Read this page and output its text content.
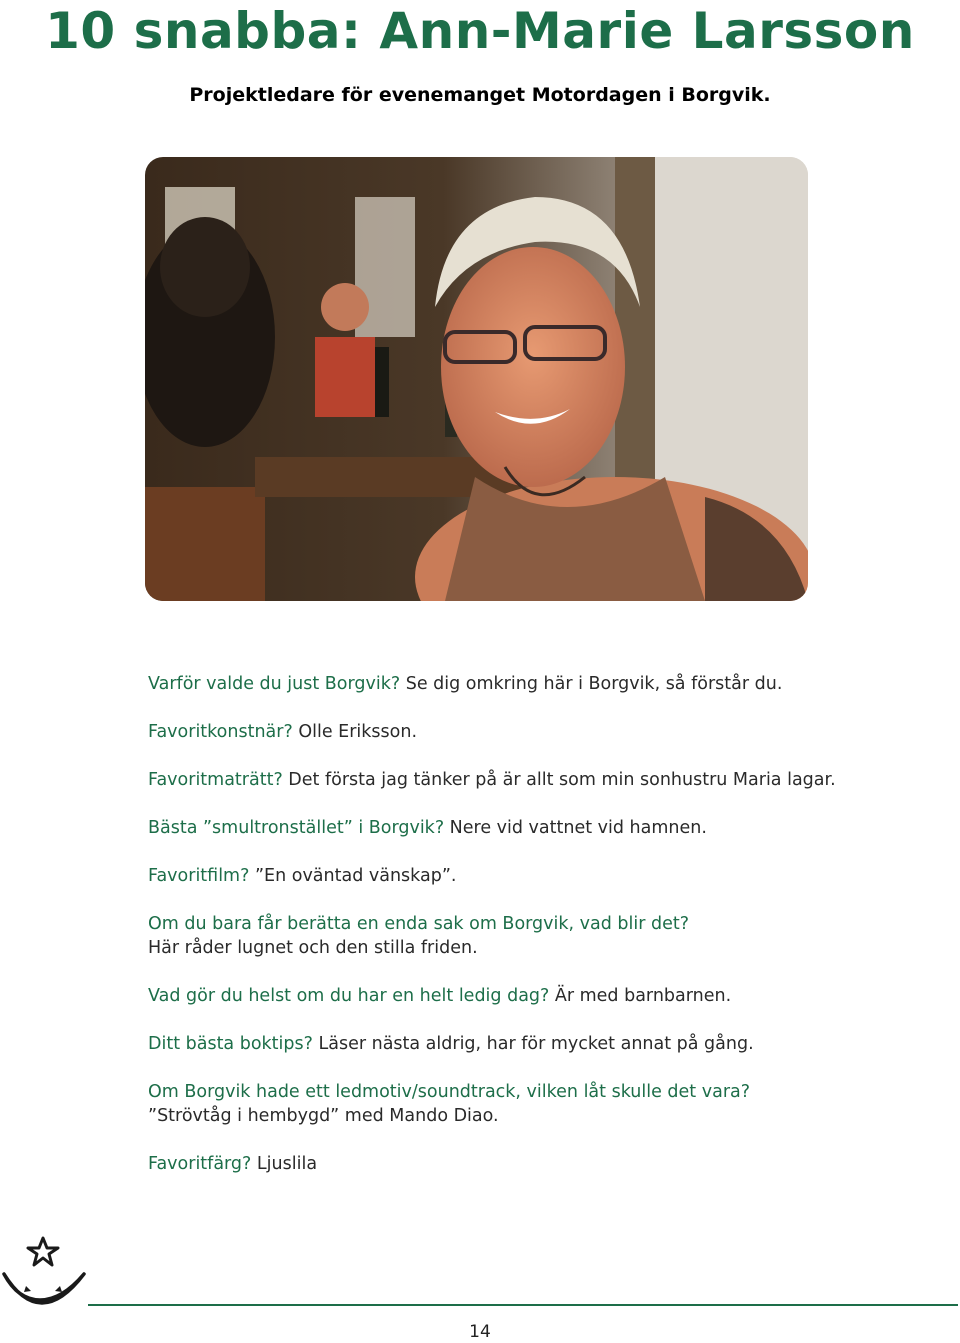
10 snabba: Ann-Marie Larsson
Projektledare för evenemanget Motordagen i Borgvik.

Varför valde du just Borgvik? Se dig omkring här i Borgvik, så förstår du.

Favoritkonstnär? Olle Eriksson.

Favoritmaträtt? Det första jag tänker på är allt som min sonhustru Maria lagar.

Bästa ”smultronstället” i Borgvik? Nere vid vattnet vid hamnen.

Favoritfilm? ”En oväntad vänskap”.

Om du bara får berätta en enda sak om Borgvik, vad blir det?
Här råder lugnet och den stilla friden.

Vad gör du helst om du har en helt ledig dag? Är med barnbarnen.

Ditt bästa boktips? Läser nästa aldrig, har för mycket annat på gång.

Om Borgvik hade ett ledmotiv/soundtrack, vilken låt skulle det vara?
”Strövtåg i hembygd” med Mando Diao.

Favoritfärg? Ljuslila

14
